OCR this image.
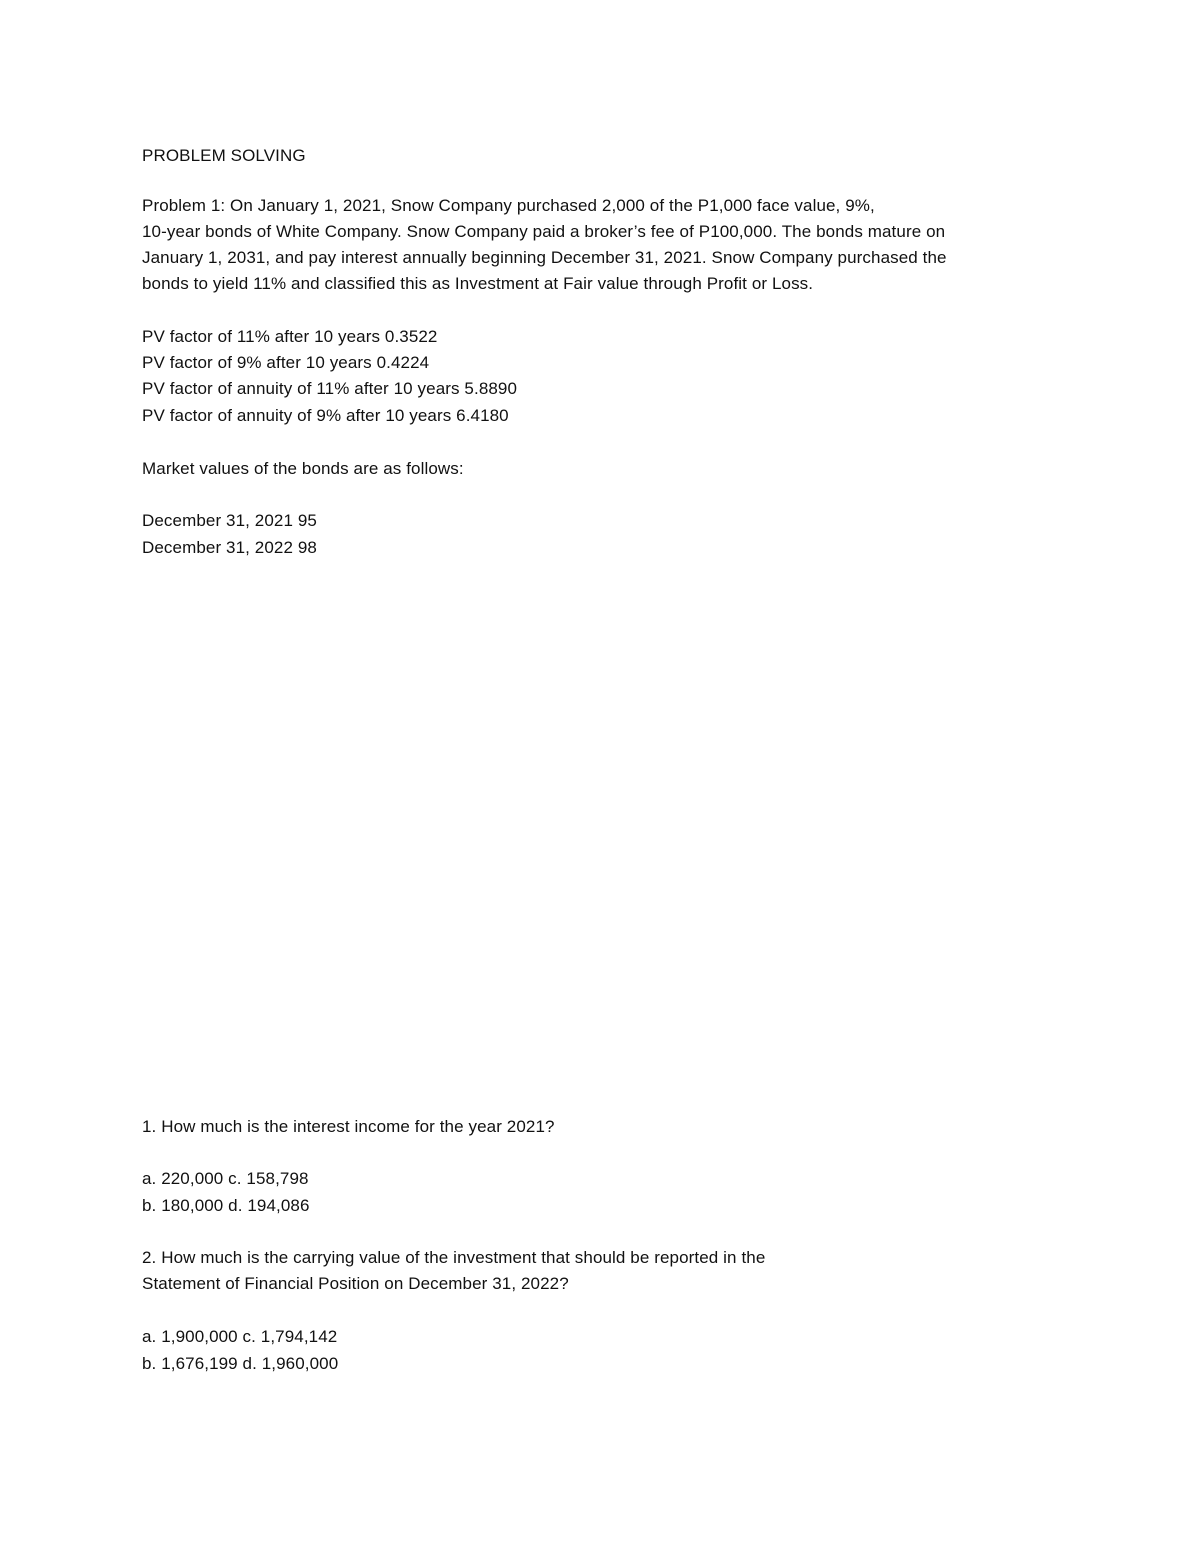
PROBLEM SOLVING
Problem 1: On January 1, 2021, Snow Company purchased 2,000 of the P1,000 face value, 9%,
10-year bonds of White Company. Snow Company paid a broker’s fee of P100,000. The bonds mature on
January 1, 2031, and pay interest annually beginning December 31, 2021. Snow Company purchased the
bonds to yield 11% and classified this as Investment at Fair value through Profit or Loss.
PV factor of 11% after 10 years 0.3522
PV factor of 9% after 10 years 0.4224
PV factor of annuity of 11% after 10 years 5.8890
PV factor of annuity of 9% after 10 years 6.4180
Market values of the bonds are as follows:
December 31, 2021 95
December 31, 2022 98
1. How much is the interest income for the year 2021?
a. 220,000 c. 158,798
b. 180,000 d. 194,086
2. How much is the carrying value of the investment that should be reported in the
Statement of Financial Position on December 31, 2022?
a. 1,900,000 c. 1,794,142
b. 1,676,199 d. 1,960,000
